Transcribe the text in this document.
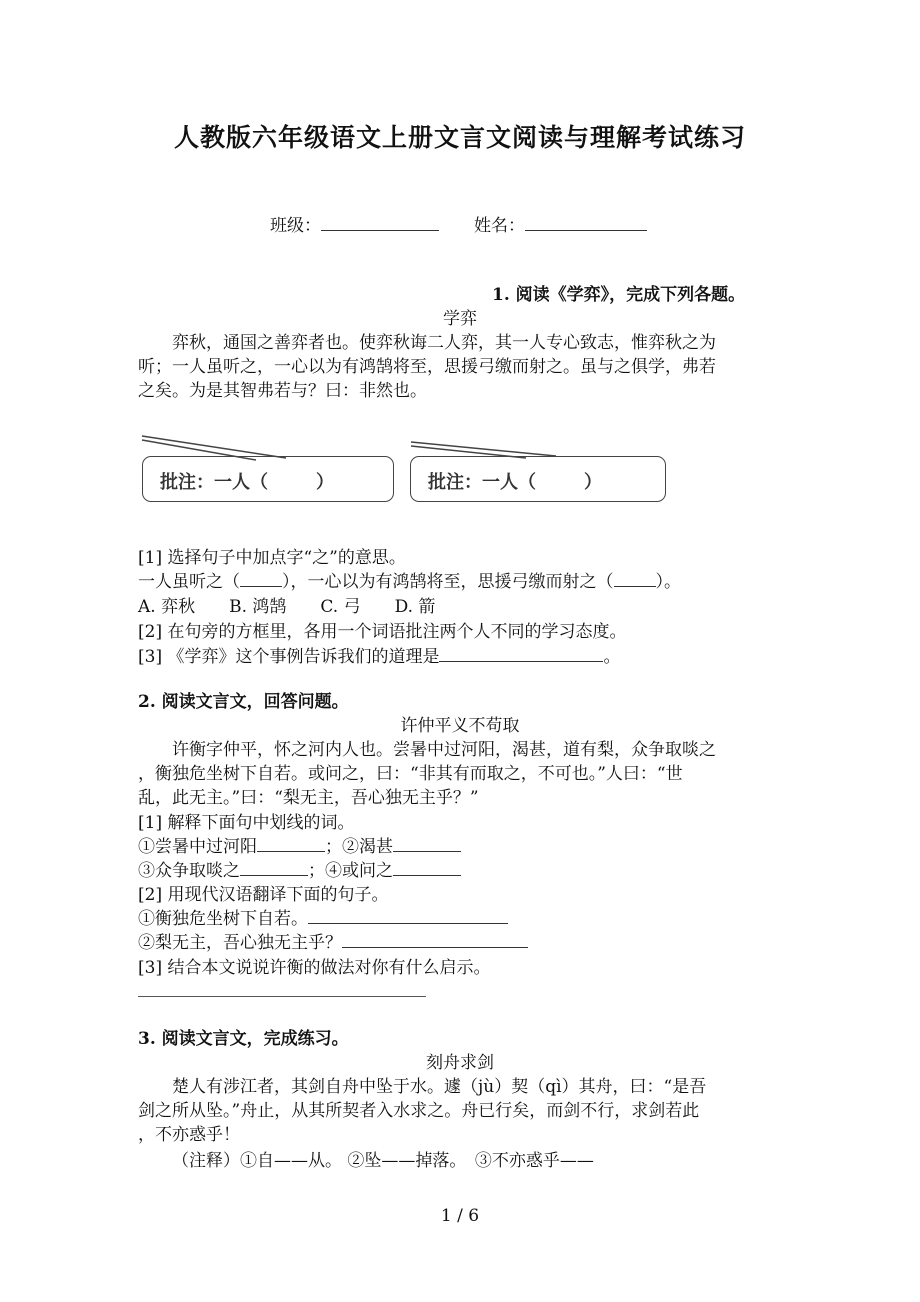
人教版六年级语文上册文言文阅读与理解考试练习
班级：	姓名：
1. 阅读《学弈》，完成下列各题。
学弈
　　弈秋，通国之善弈者也。使弈秋诲二人弈，其一人专心致志，惟弈秋之为
听；一人虽听之，一心以为有鸿鹄将至，思援弓缴而射之。虽与之俱学，弗若
之矣。为是其智弗若与？曰：非然也。
批注：一人（	）	批注：一人（	）
[1] 选择句子中加点字“之”的意思。
一人虽听之（ ），一心以为有鸿鹄将至，思援弓缴而射之（ ）。
A. 弈秋　　B. 鸿鹄　　C. 弓　　D. 箭
[2] 在句旁的方框里，各用一个词语批注两个人不同的学习态度。
[3] 《学弈》这个事例告诉我们的道理是	。
2. 阅读文言文，回答问题。
许仲平义不苟取
　　许衡字仲平，怀之河内人也。尝暑中过河阳，渴甚，道有梨，众争取啖之
，衡独危坐树下自若。或问之，曰：“非其有而取之，不可也。”人曰：“世
乱，此无主。”曰：“梨无主，吾心独无主乎？”
[1] 解释下面句中划线的词。
①尝暑中过河阳	；②渴甚
③众争取啖之	；④或问之
[2] 用现代汉语翻译下面的句子。
①衡独危坐树下自若。
②梨无主，吾心独无主乎？
[3] 结合本文说说许衡的做法对你有什么启示。
3. 阅读文言文，完成练习。
刻舟求剑
　　楚人有涉江者，其剑自舟中坠于水。遽（jù）契（qì）其舟，曰：“是吾
剑之所从坠。”舟止，从其所契者入水求之。舟已行矣，而剑不行，求剑若此
，不亦惑乎！
（注释）①自——从。 ②坠——掉落。　③不亦惑乎——
1 / 6
